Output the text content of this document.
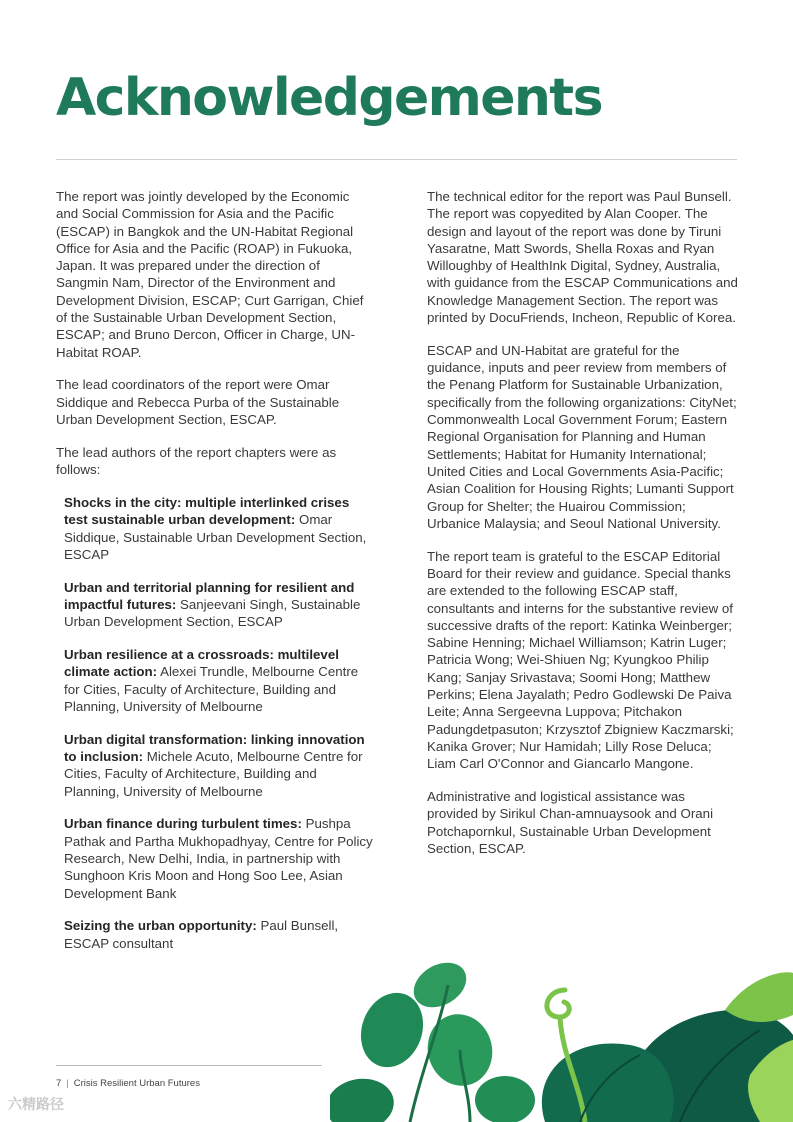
Acknowledgements

The report was jointly developed by the Economic and Social Commission for Asia and the Pacific (ESCAP) in Bangkok and the UN-Habitat Regional Office for Asia and the Pacific (ROAP) in Fukuoka, Japan. It was prepared under the direction of Sangmin Nam, Director of the Environment and Development Division, ESCAP; Curt Garrigan, Chief of the Sustainable Urban Development Section, ESCAP; and Bruno Dercon, Officer in Charge, UN-Habitat ROAP.

The lead coordinators of the report were Omar Siddique and Rebecca Purba of the Sustainable Urban Development Section, ESCAP.

The lead authors of the report chapters were as follows:

Shocks in the city: multiple interlinked crises test sustainable urban development: Omar Siddique, Sustainable Urban Development Section, ESCAP

Urban and territorial planning for resilient and impactful futures: Sanjeevani Singh, Sustainable Urban Development Section, ESCAP

Urban resilience at a crossroads: multilevel climate action: Alexei Trundle, Melbourne Centre for Cities, Faculty of Architecture, Building and Planning, University of Melbourne

Urban digital transformation: linking innovation to inclusion: Michele Acuto, Melbourne Centre for Cities, Faculty of Architecture, Building and Planning, University of Melbourne

Urban finance during turbulent times: Pushpa Pathak and Partha Mukhopadhyay, Centre for Policy Research, New Delhi, India, in partnership with Sunghoon Kris Moon and Hong Soo Lee, Asian Development Bank

Seizing the urban opportunity: Paul Bunsell, ESCAP consultant

The technical editor for the report was Paul Bunsell. The report was copyedited by Alan Cooper. The design and layout of the report was done by Tiruni Yasaratne, Matt Swords, Shella Roxas and Ryan Willoughby of HealthInk Digital, Sydney, Australia, with guidance from the ESCAP Communications and Knowledge Management Section. The report was printed by DocuFriends, Incheon, Republic of Korea.

ESCAP and UN-Habitat are grateful for the guidance, inputs and peer review from members of the Penang Platform for Sustainable Urbanization, specifically from the following organizations: CityNet; Commonwealth Local Government Forum; Eastern Regional Organisation for Planning and Human Settlements; Habitat for Humanity International; United Cities and Local Governments Asia-Pacific; Asian Coalition for Housing Rights; Lumanti Support Group for Shelter; the Huairou Commission; Urbanice Malaysia; and Seoul National University.

The report team is grateful to the ESCAP Editorial Board for their review and guidance. Special thanks are extended to the following ESCAP staff, consultants and interns for the substantive review of successive drafts of the report: Katinka Weinberger; Sabine Henning; Michael Williamson; Katrin Luger; Patricia Wong; Wei-Shiuen Ng; Kyungkoo Philip Kang; Sanjay Srivastava; Soomi Hong; Matthew Perkins; Elena Jayalath; Pedro Godlewski De Paiva Leite; Anna Sergeevna Luppova; Pitchakon Padungdetpasuton; Krzysztof Zbigniew Kaczmarski; Kanika Grover; Nur Hamidah; Lilly Rose Deluca; Liam Carl O'Connor and Giancarlo Mangone.

Administrative and logistical assistance was provided by Sirikul Chan-amnuaysook and Orani Potchapornkul, Sustainable Urban Development Section, ESCAP.

7 | Crisis Resilient Urban Futures
六精路径
